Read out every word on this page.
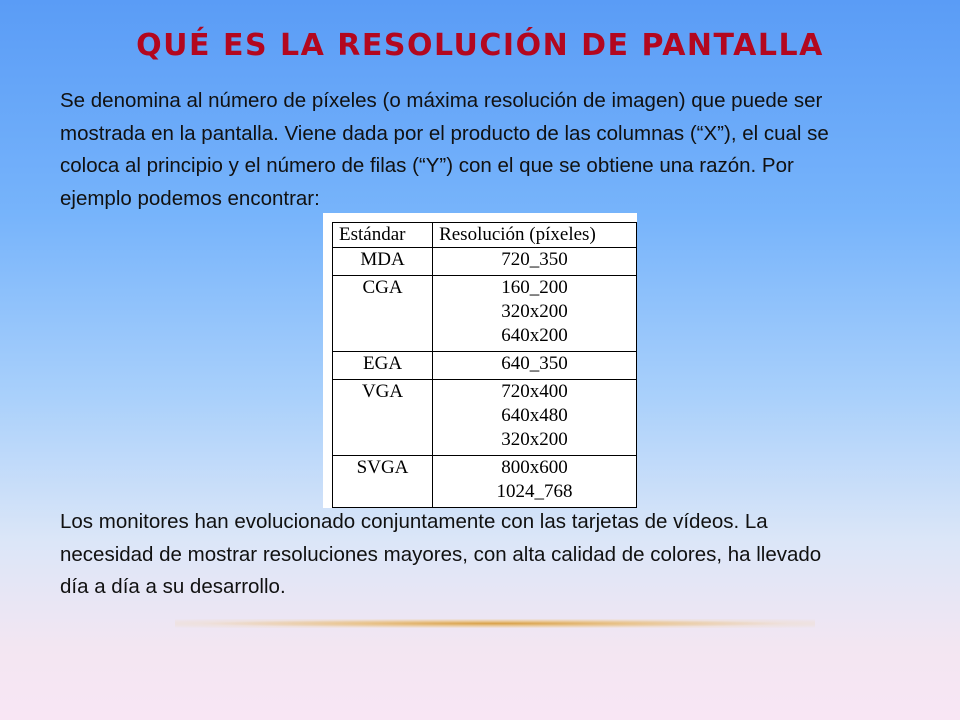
QUÉ ES LA RESOLUCIÓN DE PANTALLA

Se denomina al número de píxeles (o máxima resolución de imagen) que puede ser
mostrada en la pantalla. Viene dada por el producto de las columnas (“X”), el cual se
coloca al principio y el número de filas (“Y”) con el que se obtiene una razón. Por
ejemplo podemos encontrar:

Estándar	Resolución (píxeles)
MDA	720_350

CGA	160_200
320x200
640x200

EGA	640_350

VGA	720x400
640x480
320x200

SVGA	800x600
1024_768

Los monitores han evolucionado conjuntamente con las tarjetas de vídeos. La
necesidad de mostrar resoluciones mayores, con alta calidad de colores, ha llevado
día a día a su desarrollo.
